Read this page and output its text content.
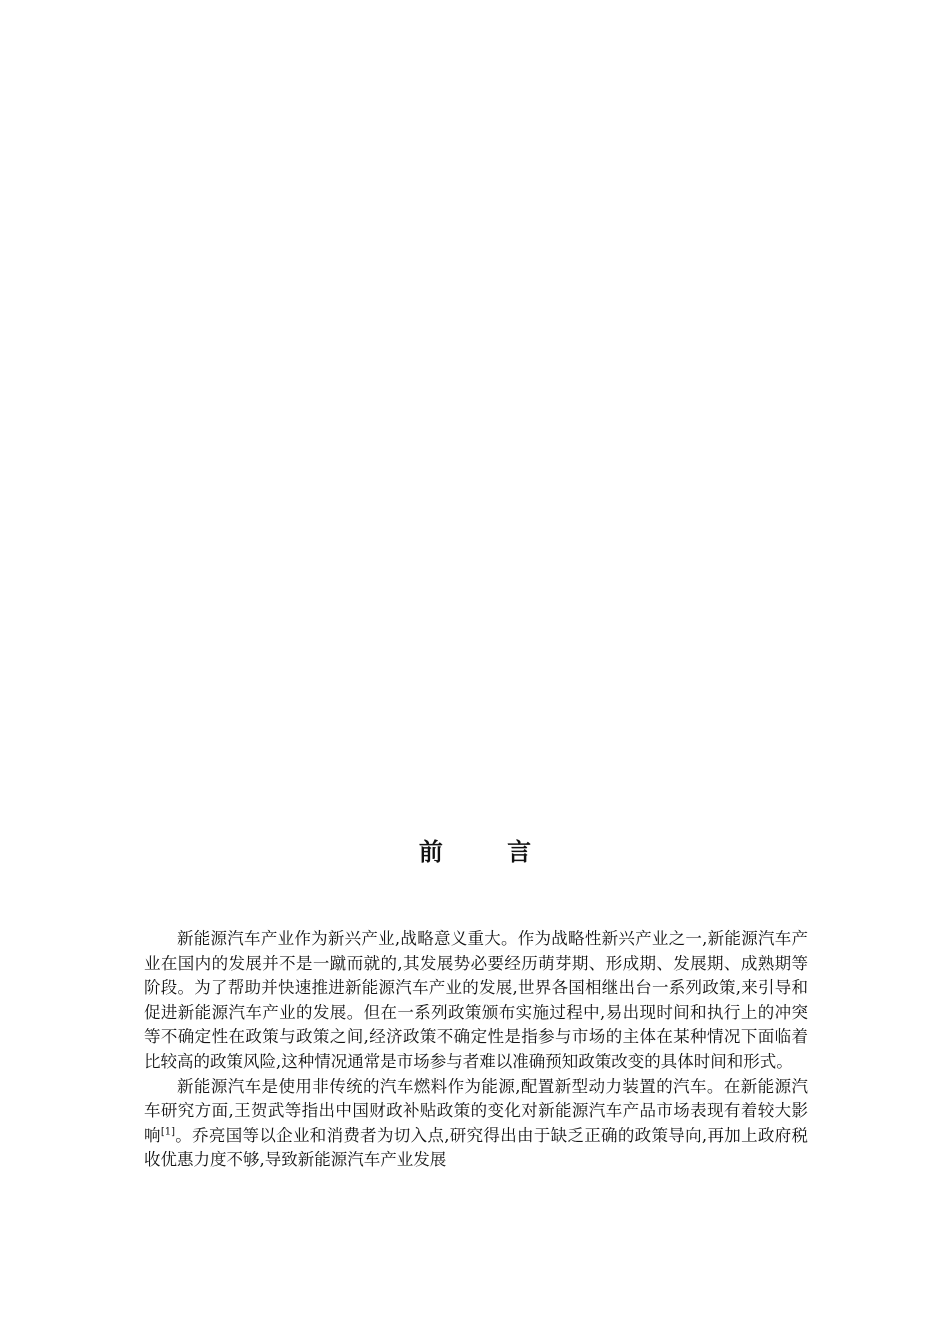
前 言

新能源汽车产业作为新兴产业,战略意义重大。作为战略性新兴产业之一,新能源汽车产业在国内的发展并不是一蹴而就的,其发展势必要经历萌芽期、形成期、发展期、成熟期等阶段。为了帮助并快速推进新能源汽车产业的发展,世界各国相继出台一系列政策,来引导和促进新能源汽车产业的发展。但在一系列政策颁布实施过程中,易出现时间和执行上的冲突等不确定性在政策与政策之间,经济政策不确定性是指参与市场的主体在某种情况下面临着比较高的政策风险,这种情况通常是市场参与者难以准确预知政策改变的具体时间和形式。

新能源汽车是使用非传统的汽车燃料作为能源,配置新型动力装置的汽车。在新能源汽车研究方面,王贺武等指出中国财政补贴政策的变化对新能源汽车产品市场表现有着较大影响[1]。乔亮国等以企业和消费者为切入点,研究得出由于缺乏正确的政策导向,再加上政府税收优惠力度不够,导致新能源汽车产业发展
